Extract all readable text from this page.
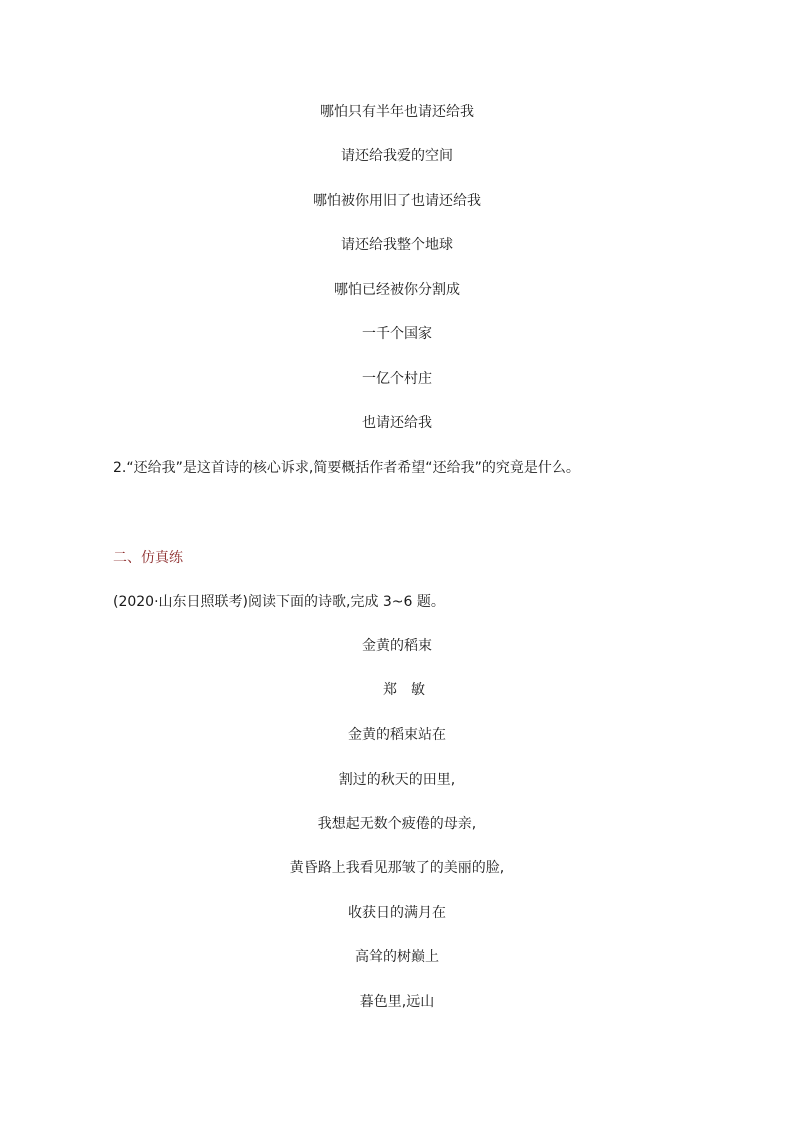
哪怕只有半年也请还给我
请还给我爱的空间
哪怕被你用旧了也请还给我
请还给我整个地球
哪怕已经被你分割成
一千个国家
一亿个村庄
也请还给我
2.“还给我”是这首诗的核心诉求,简要概括作者希望“还给我”的究竟是什么。
二、仿真练
(2020·山东日照联考)阅读下面的诗歌,完成 3~6 题。
金黄的稻束
郑敏
金黄的稻束站在
割过的秋天的田里,
我想起无数个疲倦的母亲,
黄昏路上我看见那皱了的美丽的脸,
收获日的满月在
高耸的树巅上
暮色里,远山
